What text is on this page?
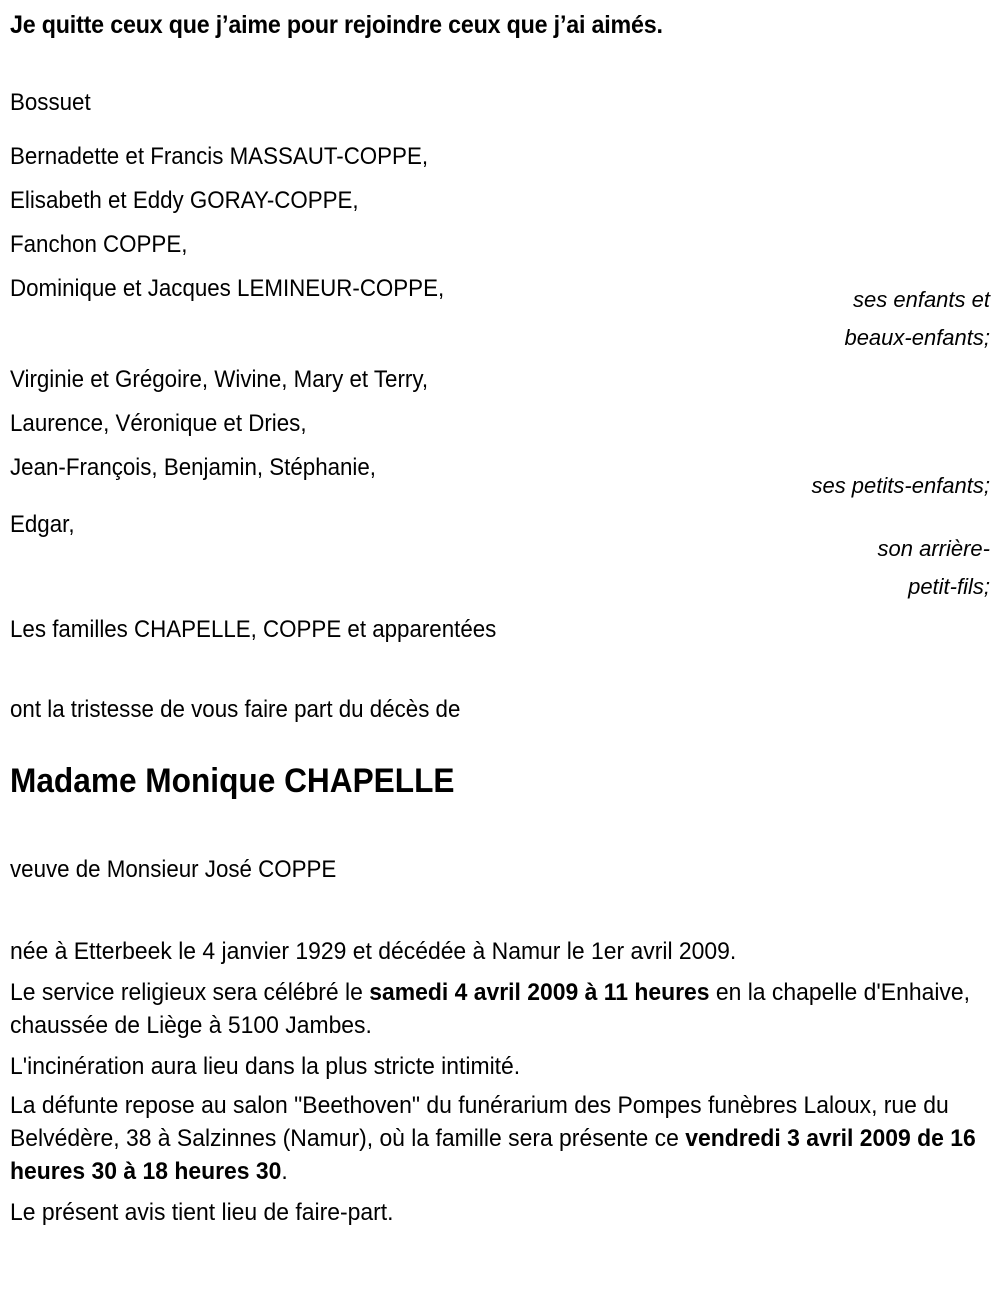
Je quitte ceux que j’aime pour rejoindre ceux que j’ai aimés.
Bossuet
Bernadette et Francis MASSAUT-COPPE,
Elisabeth et Eddy GORAY-COPPE,
Fanchon COPPE,
Dominique et Jacques LEMINEUR-COPPE,	ses enfants et
beaux-enfants;
Virginie et Grégoire, Wivine, Mary et Terry,
Laurence, Véronique et Dries,
Jean-François, Benjamin, Stéphanie,
ses petits-enfants;
Edgar,
son arrière-
petit-fils;
Les familles CHAPELLE, COPPE et apparentées
ont la tristesse de vous faire part du décès de
Madame Monique CHAPELLE
veuve de Monsieur José COPPE

née à Etterbeek le 4 janvier 1929 et décédée à Namur le 1er avril 2009.

Le service religieux sera célébré le samedi 4 avril 2009 à 11 heures en la chapelle d'Enhaive, chaussée de Liège à 5100 Jambes.

L'incinération aura lieu dans la plus stricte intimité.

La défunte repose au salon "Beethoven" du funérarium des Pompes funèbres Laloux, rue du Belvédère, 38 à Salzinnes (Namur), où la famille sera présente ce vendredi 3 avril 2009 de 16 heures 30 à 18 heures 30.

Le présent avis tient lieu de faire-part.
